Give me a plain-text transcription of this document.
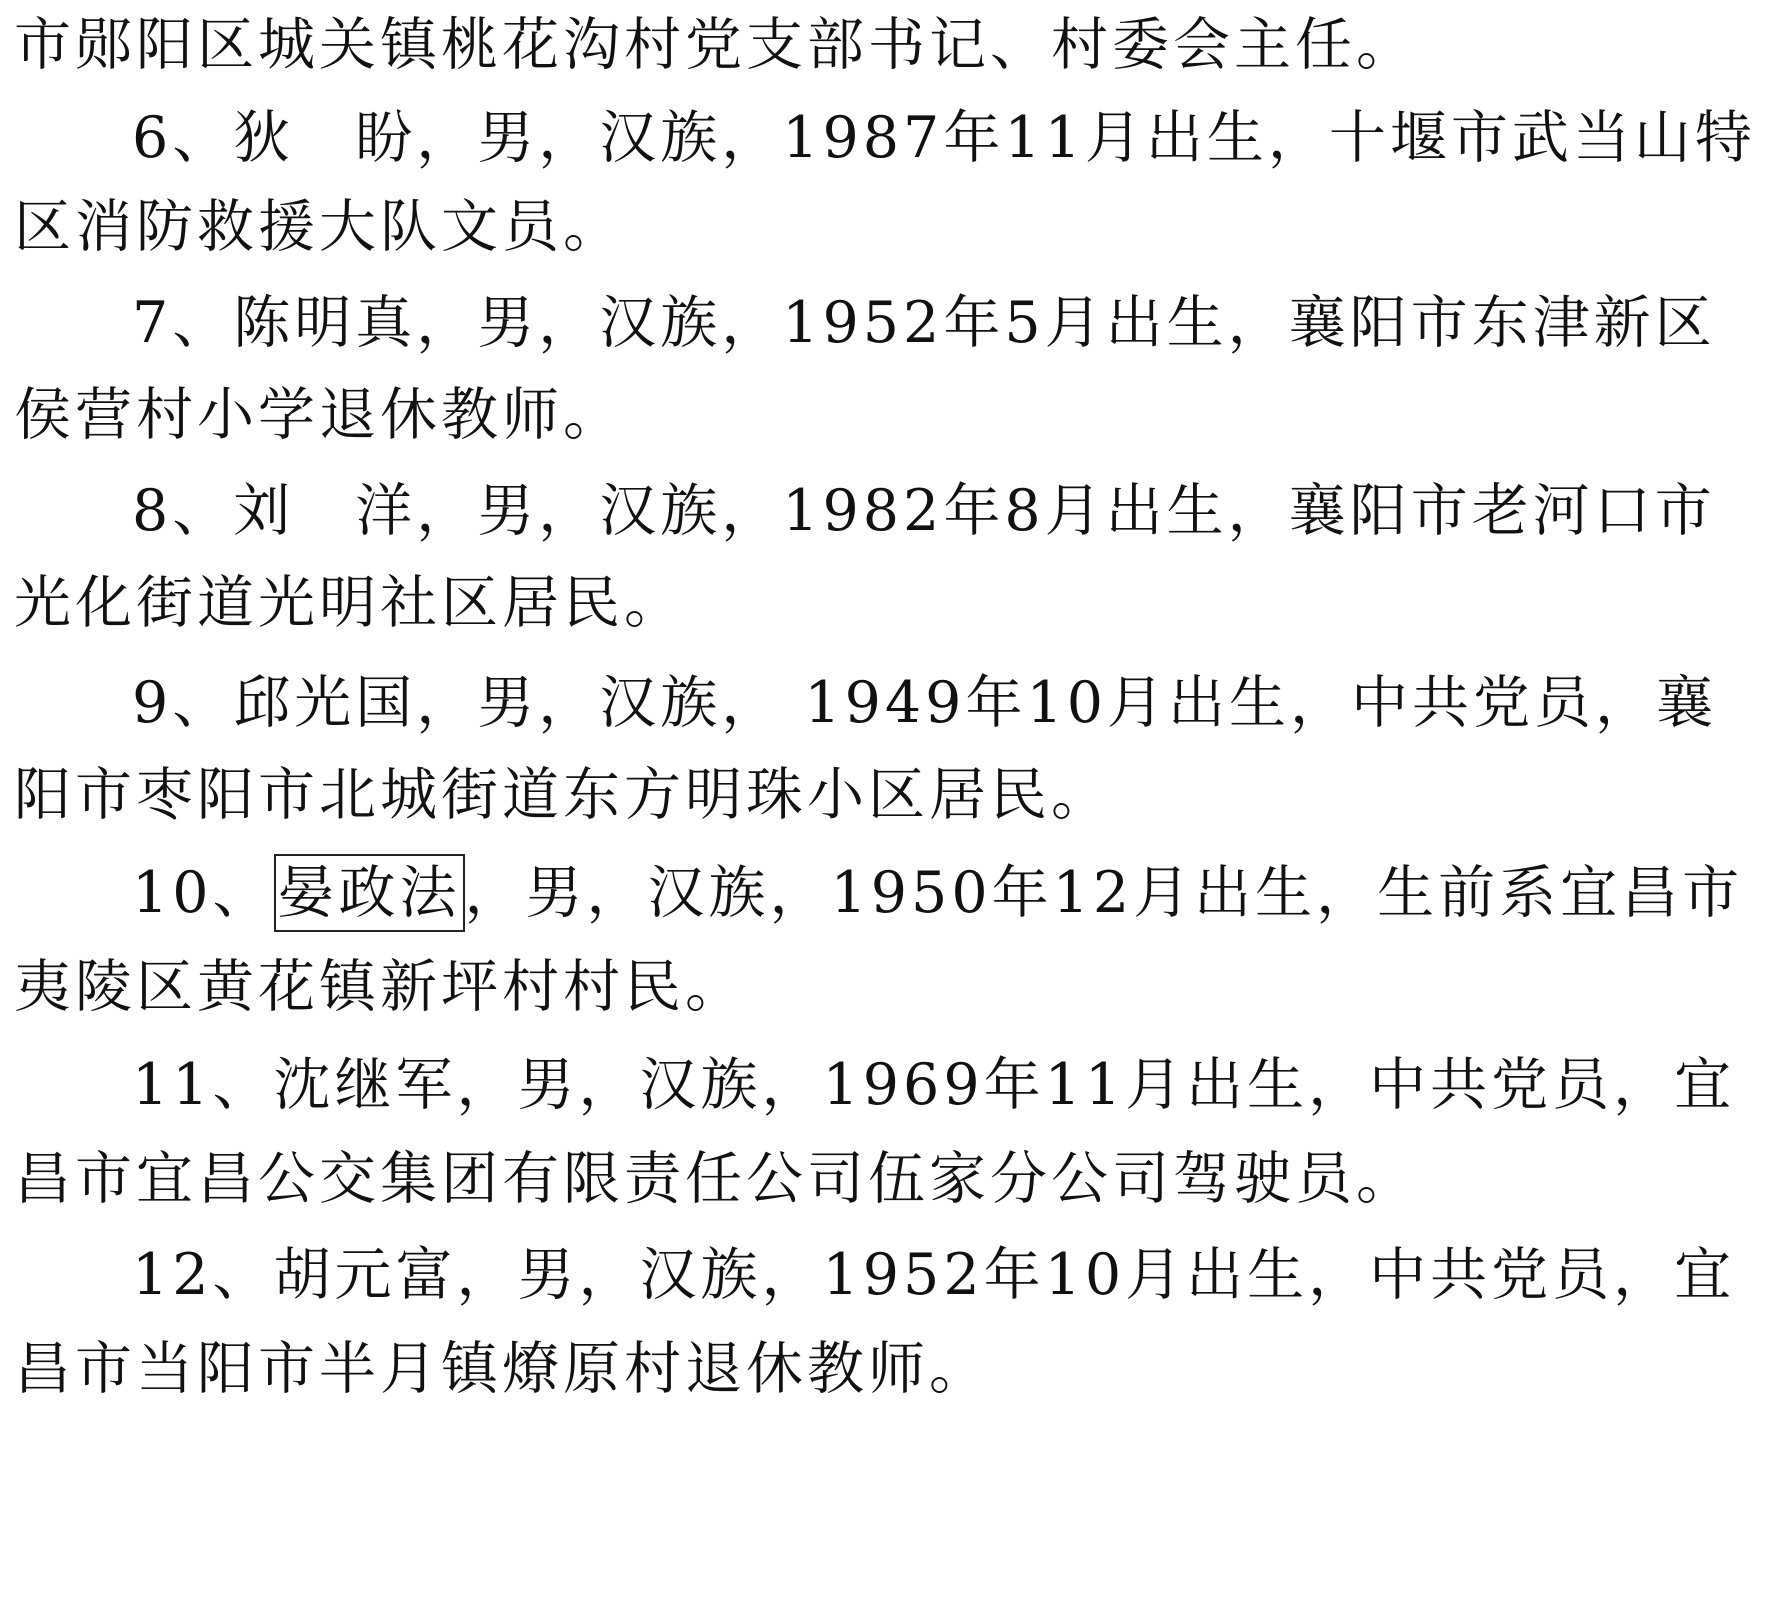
市郧阳区城关镇桃花沟村党支部书记、村委会主任。
6、狄　盼，男，汉族，1987年11月出生，十堰市武当山特
区消防救援大队文员。
7、陈明真，男，汉族，1952年5月出生，襄阳市东津新区
侯营村小学退休教师。
8、刘　洋，男，汉族，1982年8月出生，襄阳市老河口市
光化街道光明社区居民。
9、邱光国，男，汉族， 1949年10月出生，中共党员，襄
阳市枣阳市北城街道东方明珠小区居民。
10、晏政法，男，汉族，1950年12月出生，生前系宜昌市
夷陵区黄花镇新坪村村民。
11、沈继军，男，汉族，1969年11月出生，中共党员，宜
昌市宜昌公交集团有限责任公司伍家分公司驾驶员。
12、胡元富，男，汉族，1952年10月出生，中共党员，宜
昌市当阳市半月镇燎原村退休教师。
